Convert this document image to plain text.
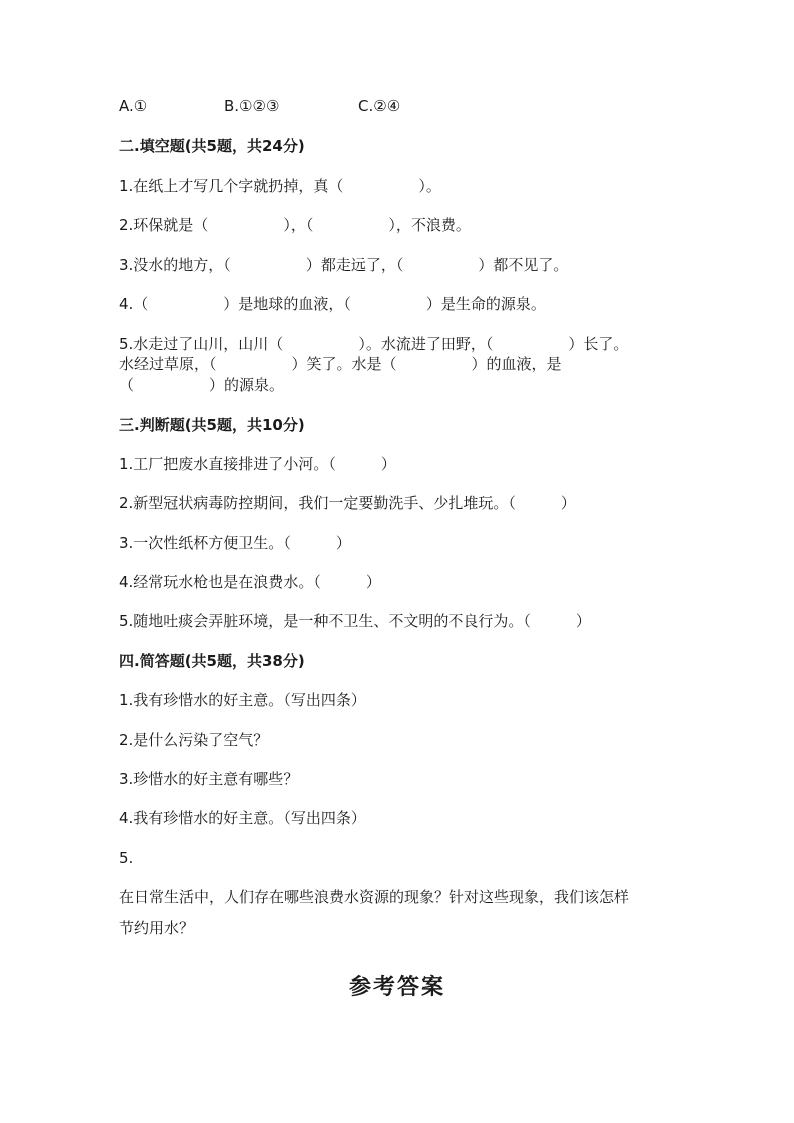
A.①	B.①②③	C.②④
二.填空题(共5题，共24分)
1.在纸上才写几个字就扔掉，真（　　　　　）。
2.环保就是（　　　　　），（　　　　　），不浪费。
3.没水的地方，（　　　　　）都走远了，（　　　　　）都不见了。
4.（　　　　　）是地球的血液，（　　　　　）是生命的源泉。
5.水走过了山川，山川（　　　　　）。水流进了田野，（　　　　　）长了。
水经过草原，（　　　　　）笑了。水是（　　　　　）的血液，是
（　　　　　）的源泉。
三.判断题(共5题，共10分)
1.工厂把废水直接排进了小河。（　　　）
2.新型冠状病毒防控期间，我们一定要勤洗手、少扎堆玩。（　　　）
3.一次性纸杯方便卫生。（　　　）
4.经常玩水枪也是在浪费水。（　　　）
5.随地吐痰会弄脏环境，是一种不卫生、不文明的不良行为。（　　　）
四.简答题(共5题，共38分)
1.我有珍惜水的好主意。（写出四条）
2.是什么污染了空气？
3.珍惜水的好主意有哪些？
4.我有珍惜水的好主意。（写出四条）
5.
在日常生活中，人们存在哪些浪费水资源的现象？针对这些现象，我们该怎样
节约用水？
参考答案
